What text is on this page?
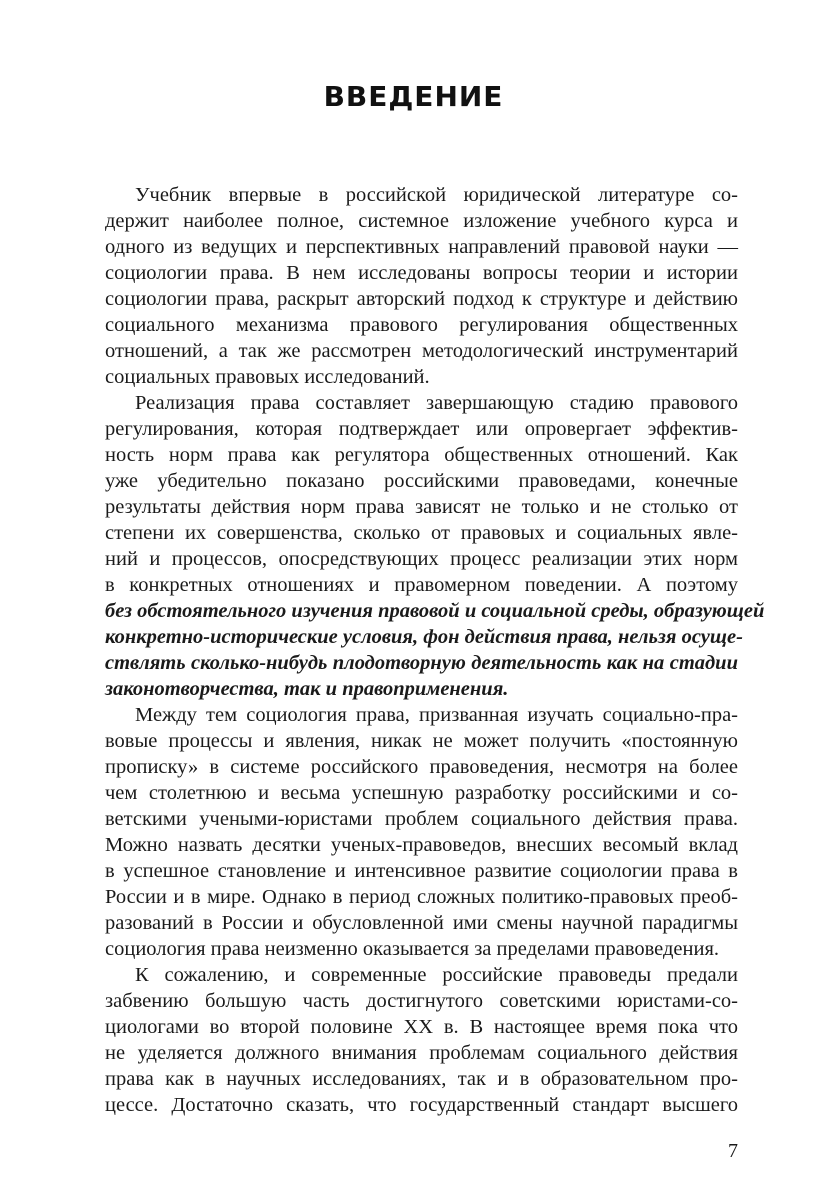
ВВЕДЕНИЕ
Учебник впервые в российской юридической литературе со-
держит наиболее полное, системное изложение учебного курса и
одного из ведущих и перспективных направлений правовой науки —
социологии права. В нем исследованы вопросы теории и истории
социологии права, раскрыт авторский подход к структуре и действию
социального механизма правового регулирования общественных
отношений, а так же рассмотрен методологический инструментарий
социальных правовых исследований.
Реализация права составляет завершающую стадию правового
регулирования, которая подтверждает или опровергает эффектив-
ность норм права как регулятора общественных отношений. Как
уже убедительно показано российскими правоведами, конечные
результаты действия норм права зависят не только и не столько от
степени их совершенства, сколько от правовых и социальных явле-
ний и процессов, опосредствующих процесс реализации этих норм
в конкретных отношениях и правомерном поведении. А поэтому
без обстоятельного изучения правовой и социальной среды, образующей
конкретно-исторические условия, фон действия права, нельзя осуще-
ствлять сколько-нибудь плодотворную деятельность как на стадии
законотворчества, так и правоприменения.
Между тем социология права, призванная изучать социально-пра-
вовые процессы и явления, никак не может получить «постоянную
прописку» в системе российского правоведения, несмотря на более
чем столетнюю и весьма успешную разработку российскими и со-
ветскими учеными-юристами проблем социального действия права.
Можно назвать десятки ученых-правоведов, внесших весомый вклад
в успешное становление и интенсивное развитие социологии права в
России и в мире. Однако в период сложных политико-правовых преоб-
разований в России и обусловленной ими смены научной парадигмы
социология права неизменно оказывается за пределами правоведения.
К сожалению, и современные российские правоведы предали
забвению большую часть достигнутого советскими юристами-со-
циологами во второй половине XX в. В настоящее время пока что
не уделяется должного внимания проблемам социального действия
права как в научных исследованиях, так и в образовательном про-
цессе. Достаточно сказать, что государственный стандарт высшего
7
